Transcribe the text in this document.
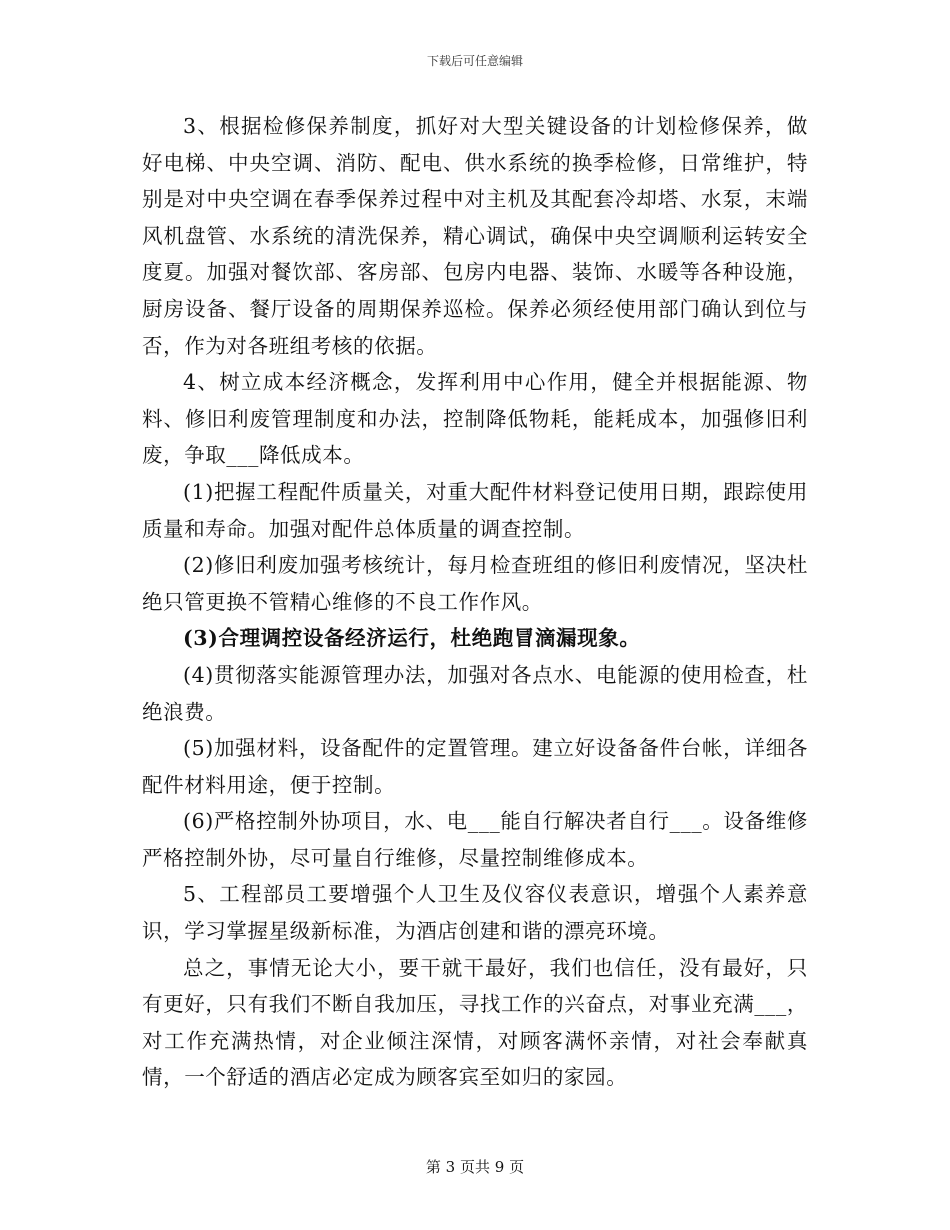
下载后可任意编辑

3、根据检修保养制度，抓好对大型关键设备的计划检修保养，做好电梯、中央空调、消防、配电、供水系统的换季检修，日常维护，特别是对中央空调在春季保养过程中对主机及其配套冷却塔、水泵，末端风机盘管、水系统的清洗保养，精心调试，确保中央空调顺利运转安全度夏。加强对餐饮部、客房部、包房内电器、装饰、水暖等各种设施，厨房设备、餐厅设备的周期保养巡检。保养必须经使用部门确认到位与否，作为对各班组考核的依据。

4、树立成本经济概念，发挥利用中心作用，健全并根据能源、物料、修旧利废管理制度和办法，控制降低物耗，能耗成本，加强修旧利废，争取___降低成本。

(1)把握工程配件质量关，对重大配件材料登记使用日期，跟踪使用质量和寿命。加强对配件总体质量的调查控制。

(2)修旧利废加强考核统计，每月检查班组的修旧利废情况，坚决杜绝只管更换不管精心维修的不良工作作风。

(3)合理调控设备经济运行，杜绝跑冒滴漏现象。

(4)贯彻落实能源管理办法，加强对各点水、电能源的使用检查，杜绝浪费。

(5)加强材料，设备配件的定置管理。建立好设备备件台帐，详细各配件材料用途，便于控制。

(6)严格控制外协项目，水、电___能自行解决者自行___。设备维修严格控制外协，尽可量自行维修，尽量控制维修成本。

5、工程部员工要增强个人卫生及仪容仪表意识，增强个人素养意识，学习掌握星级新标准，为酒店创建和谐的漂亮环境。

总之，事情无论大小，要干就干最好，我们也信任，没有最好，只有更好，只有我们不断自我加压，寻找工作的兴奋点，对事业充满___，对工作充满热情，对企业倾注深情，对顾客满怀亲情，对社会奉献真情，一个舒适的酒店必定成为顾客宾至如归的家园。

第 3 页共 9 页
